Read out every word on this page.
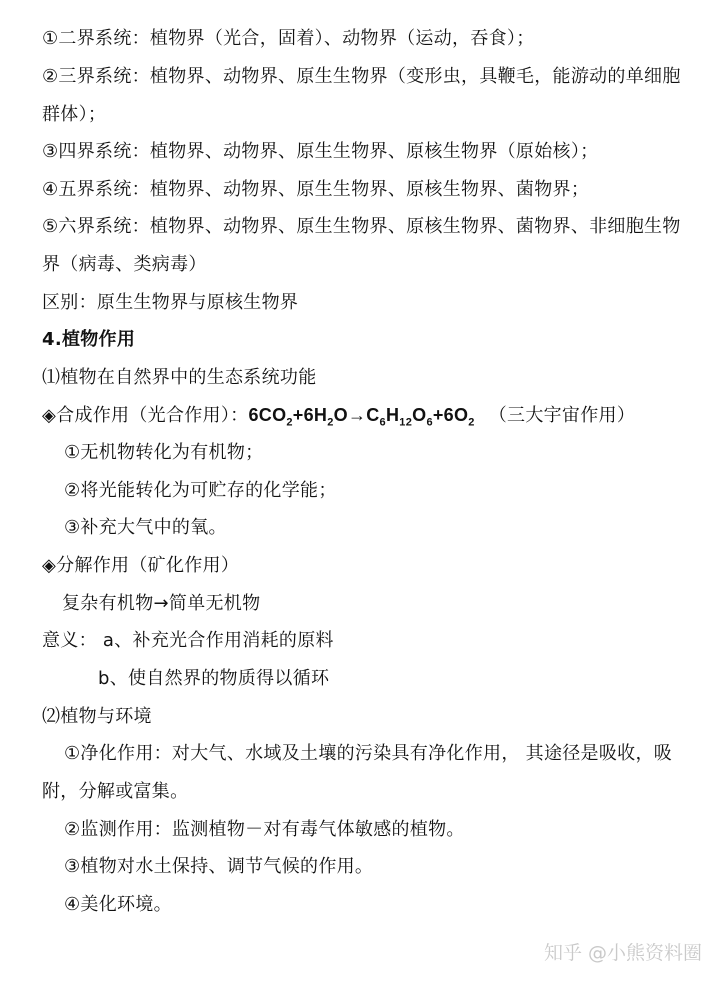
①二界系统：植物界（光合，固着）、动物界（运动，吞食）；
②三界系统：植物界、动物界、原生生物界（变形虫，具鞭毛，能游动的单细胞
群体）；
③四界系统：植物界、动物界、原生生物界、原核生物界（原始核）；
④五界系统：植物界、动物界、原生生物界、原核生物界、菌物界；
⑤六界系统：植物界、动物界、原生生物界、原核生物界、菌物界、非细胞生物
界（病毒、类病毒）
区别：原生生物界与原核生物界
4.植物作用
⑴植物在自然界中的生态系统功能
◈合成作用（光合作用）：$6CO_2+6H_2O\to C_6H_{12}O_6+6O_2$ （三大宇宙作用）
①无机物转化为有机物；
②将光能转化为可贮存的化学能；
③补充大气中的氧。
◈分解作用（矿化作用）
复杂有机物→简单无机物
意义： a、补充光合作用消耗的原料
b、使自然界的物质得以循环
⑵植物与环境
①净化作用：对大气、水域及土壤的污染具有净化作用， 其途径是吸收，吸
附，分解或富集。
②监测作用：监测植物－对有毒气体敏感的植物。
③植物对水土保持、调节气候的作用。
④美化环境。
知乎 @小熊资料圈
